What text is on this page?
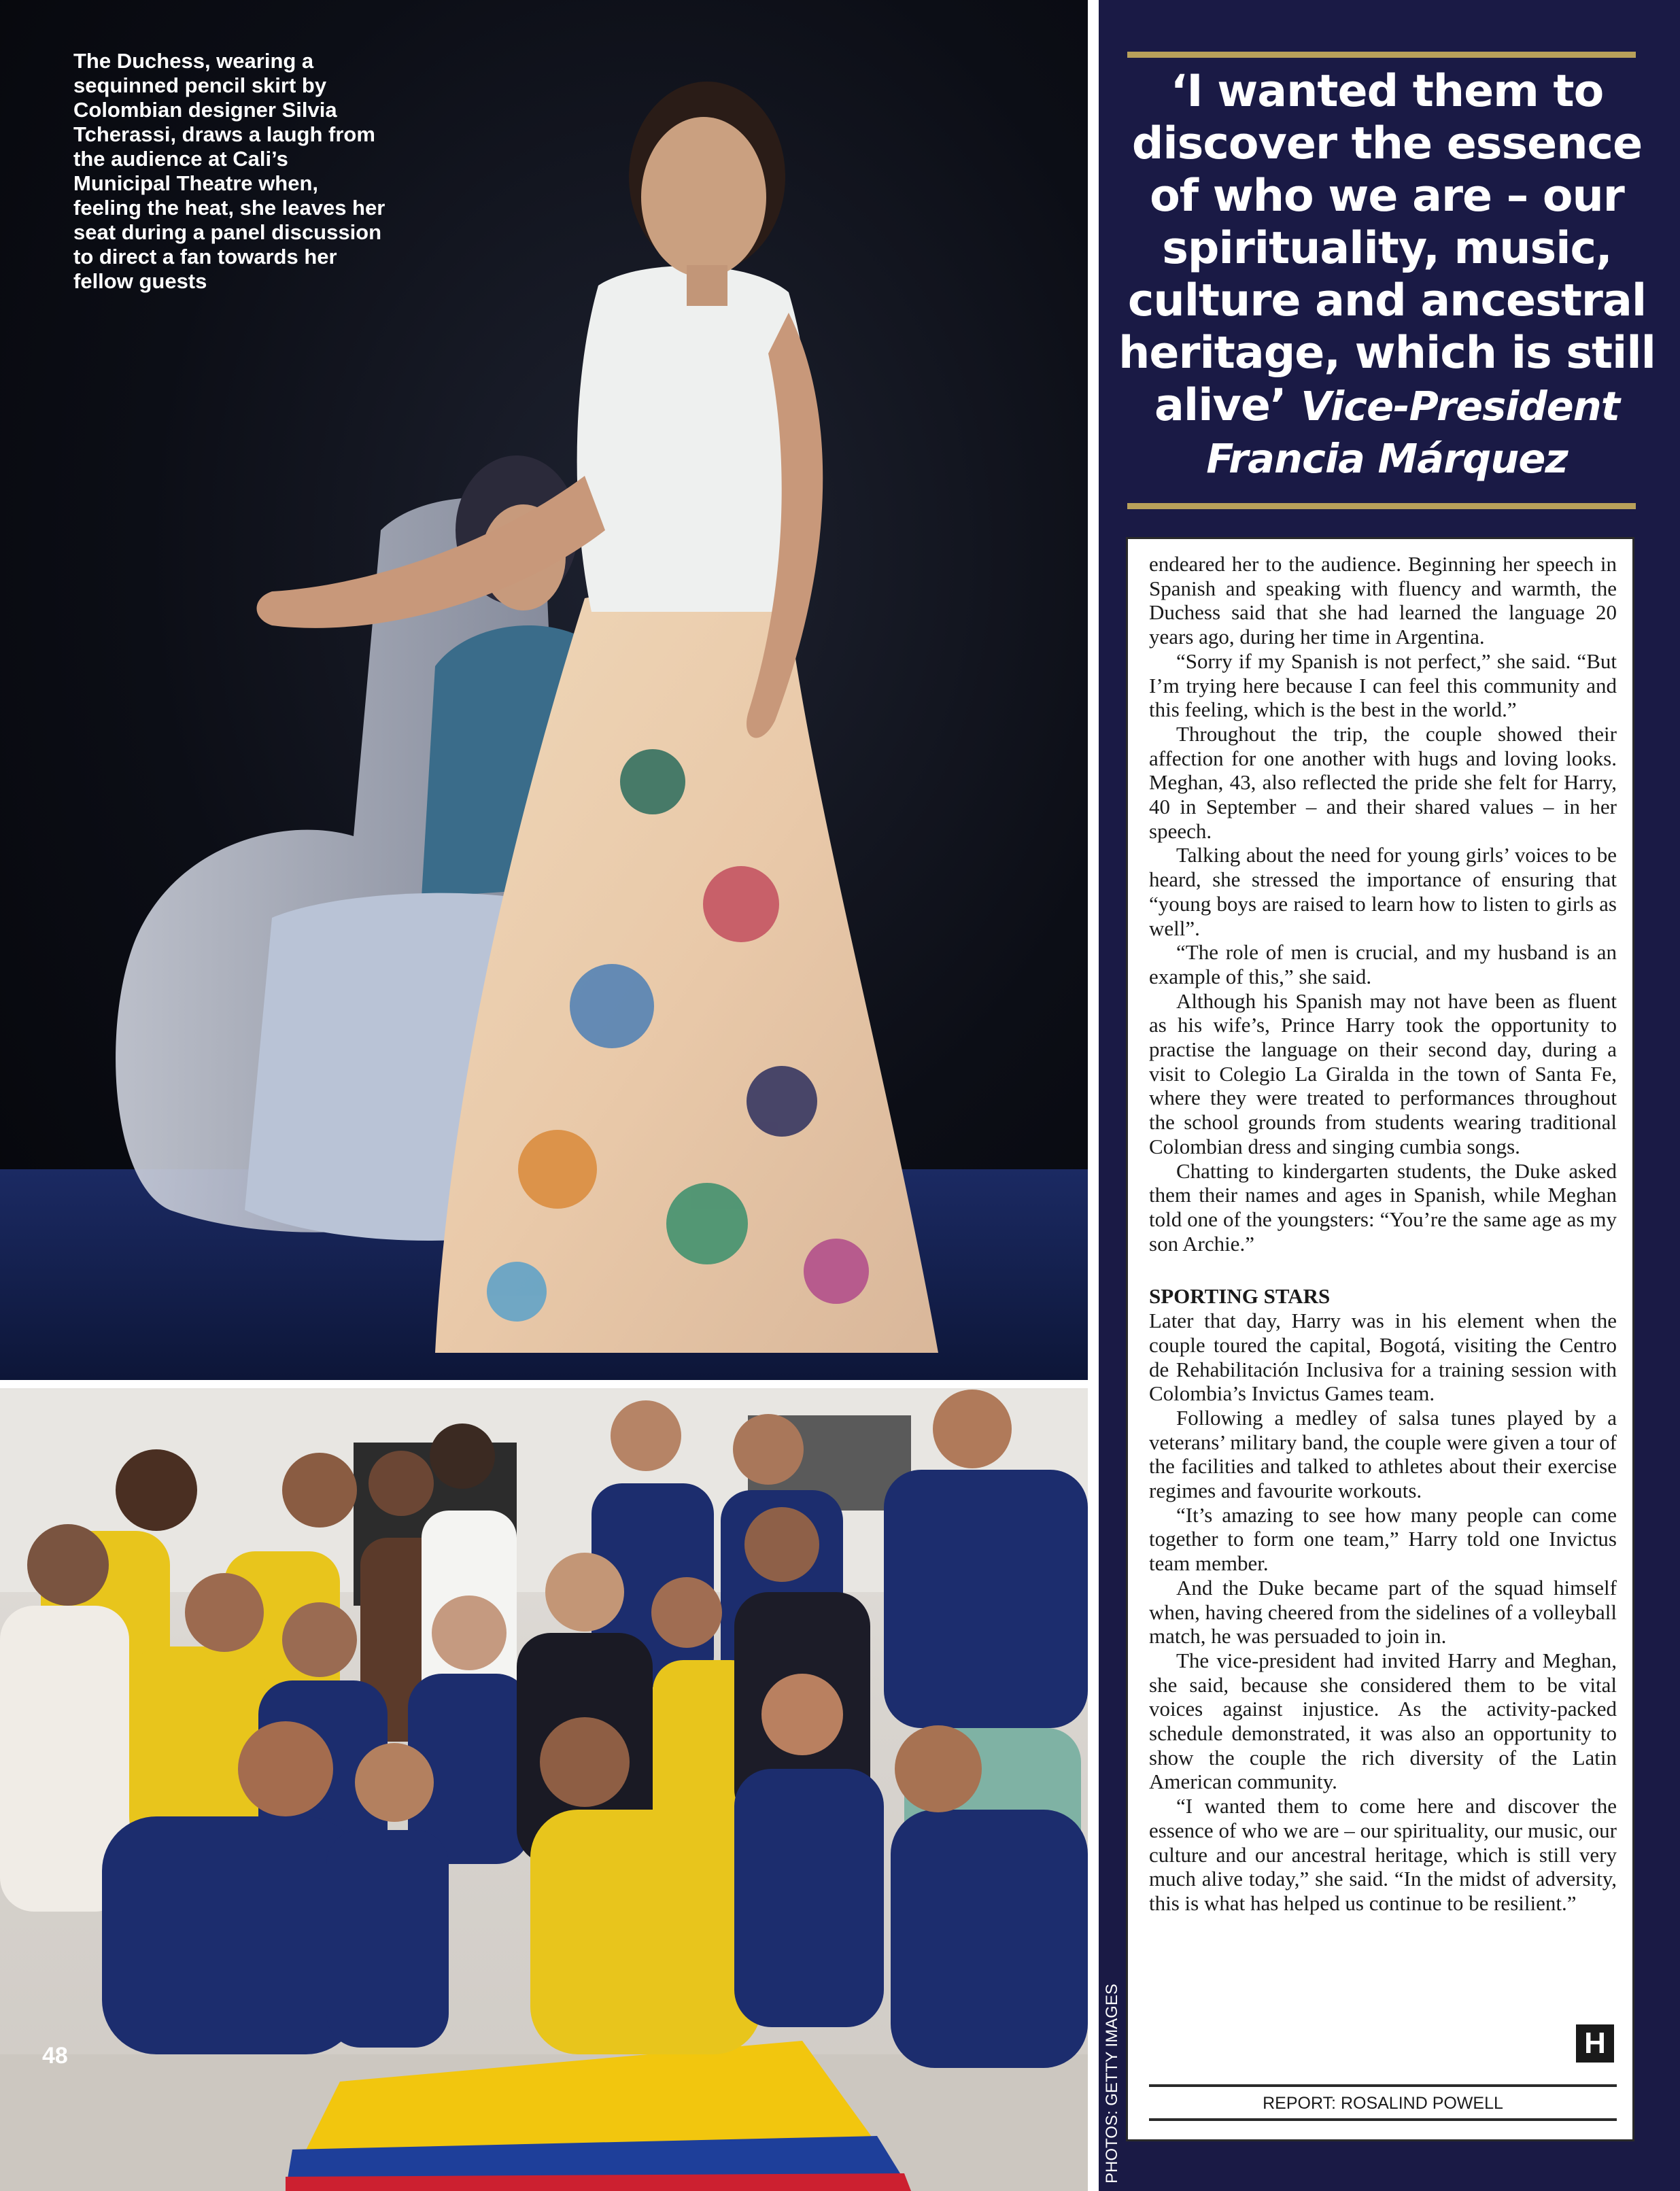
The Duchess, wearing a sequinned pencil skirt by Colombian designer Silvia Tcherassi, draws a laugh from the audience at Cali’s Municipal Theatre when, feeling the heat, she leaves her seat during a panel discussion to direct a fan towards her fellow guests
48
‘I wanted them to discover the essence of who we are – our spirituality, music, culture and ancestral heritage, which is still alive’ Vice-President
Francia Márquez

endeared her to the audience. Beginning her speech in Spanish and speaking with fluency and warmth, the Duchess said that she had learned the language 20 years ago, during her time in Argentina.

“Sorry if my Spanish is not perfect,” she said. “But I’m trying here because I can feel this community and this feeling, which is the best in the world.”

Throughout the trip, the couple showed their affection for one another with hugs and loving looks. Meghan, 43, also reflected the pride she felt for Harry, 40 in September – and their shared values – in her speech.

Talking about the need for young girls’ voices to be heard, she stressed the importance of ensuring that “young boys are raised to learn how to listen to girls as well”.

“The role of men is crucial, and my husband is an example of this,” she said.

Although his Spanish may not have been as fluent as his wife’s, Prince Harry took the opportunity to practise the language on their second day, during a visit to Colegio La Giralda in the town of Santa Fe, where they were treated to performances throughout the school grounds from students wearing traditional Colombian dress and singing cumbia songs.

Chatting to kindergarten students, the Duke asked them their names and ages in Spanish, while Meghan told one of the youngsters: “You’re the same age as my son Archie.”

SPORTING STARS

Later that day, Harry was in his element when the couple toured the capital, Bogotá, visiting the Centro de Rehabilitación Inclusiva for a training session with Colombia’s Invictus Games team.

Following a medley of salsa tunes played by a veterans’ military band, the couple were given a tour of the facilities and talked to athletes about their exercise regimes and favourite workouts.

“It’s amazing to see how many people can come together to form one team,” Harry told one Invictus team member.

And the Duke became part of the squad himself when, having cheered from the sidelines of a volleyball match, he was persuaded to join in.

The vice-president had invited Harry and Meghan, she said, because she considered them to be vital voices against injustice. As the activity-packed schedule demonstrated, it was also an opportunity to show the couple the rich diversity of the Latin American community.

“I wanted them to come here and discover the essence of who we are – our spirituality, our music, our culture and our ancestral heritage, which is still very much alive today,” she said. “In the midst of adversity, this is what has helped us continue to be resilient.”

H
REPORT: ROSALIND POWELL
PHOTOS: GETTY IMAGES
